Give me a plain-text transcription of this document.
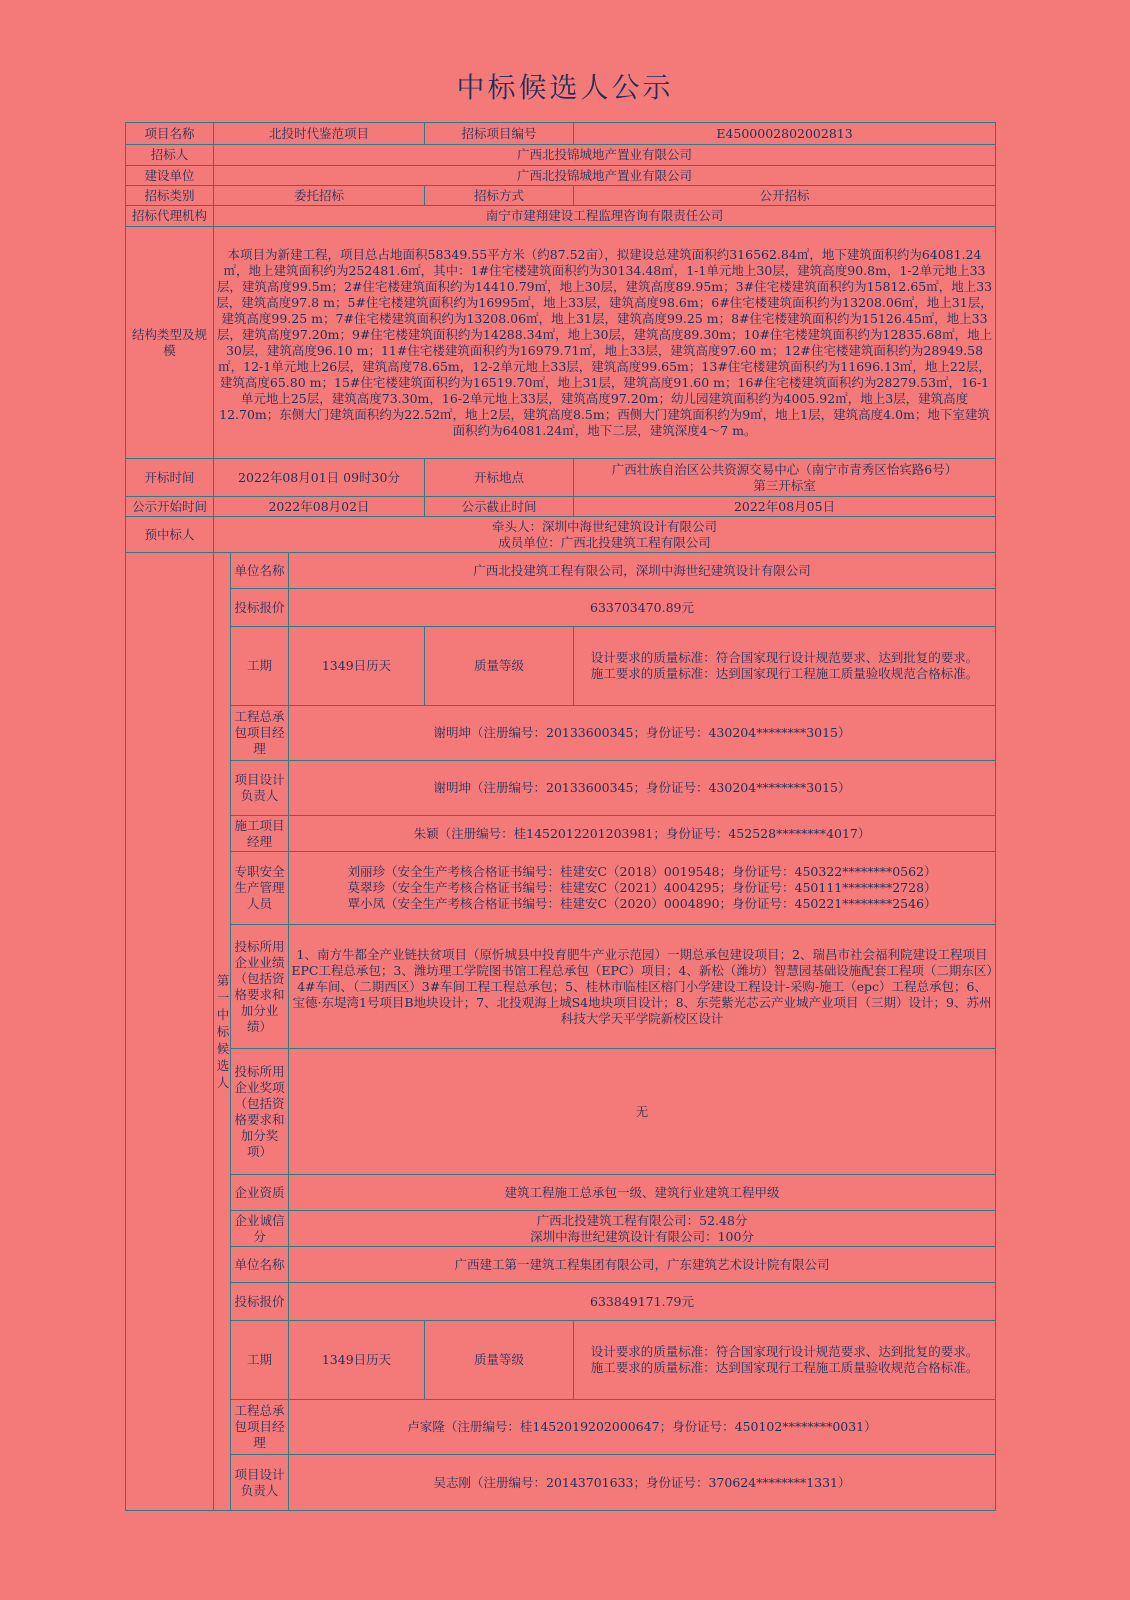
中标候选人公示
项目名称	北投时代鉴范项目			招标项目编号	E4500002802002813
招标人	广西北投锦城地产置业有限公司				
建设单位	广西北投锦城地产置业有限公司				
招标类别	委托招标			招标方式	公开招标
招标代理机构	南宁市建翔建设工程监理咨询有限责任公司				
结构类型及规模	本项目为新建工程，项目总占地面积58349.55平方米（约87.52亩），拟建设总建筑面积约316562.84㎡，地下建筑面积约为64081.24㎡，地上建筑面积约为252481.6㎡，其中：1#住宅楼建筑面积约为30134.48㎡，1-1单元地上30层，建筑高度90.8m，1-2单元地上33层，建筑高度99.5m；2#住宅楼建筑面积约为14410.79㎡，地上30层，建筑高度89.95m；3#住宅楼建筑面积约为15812.65㎡，地上33层，建筑高度97.8 m；5#住宅楼建筑面积约为16995㎡，地上33层，建筑高度98.6m；6#住宅楼建筑面积约为13208.06㎡，地上31层，建筑高度99.25 m；7#住宅楼建筑面积约为13208.06㎡，地上31层，建筑高度99.25 m；8#住宅楼建筑面积约为15126.45㎡，地上33层，建筑高度97.20m；9#住宅楼建筑面积约为14288.34㎡，地上30层，建筑高度89.30m；10#住宅楼建筑面积约为12835.68㎡，地上30层，建筑高度96.10 m；11#住宅楼建筑面积约为16979.71㎡，地上33层，建筑高度97.60 m；12#住宅楼建筑面积约为28949.58㎡，12-1单元地上26层，建筑高度78.65m，12-2单元地上33层，建筑高度99.65m；13#住宅楼建筑面积约为11696.13㎡，地上22层，建筑高度65.80 m；15#住宅楼建筑面积约为16519.70㎡，地上31层，建筑高度91.60 m；16#住宅楼建筑面积约为28279.53㎡，16-1单元地上25层，建筑高度73.30m，16-2单元地上33层，建筑高度97.20m；幼儿园建筑面积约为4005.92㎡，地上3层，建筑高度12.70m；东侧大门建筑面积约为22.52㎡，地上2层，建筑高度8.5m；西侧大门建筑面积约为9㎡，地上1层，建筑高度4.0m；地下室建筑面积约为64081.24㎡，地下二层，建筑深度4～7 m。				
开标时间	2022年08月01日 09时30分			开标地点	广西壮族自治区公共资源交易中心（南宁市青秀区怡宾路6号）
第三开标室

公示开始时间	2022年08月02日			公示截止时间	2022年08月05日
预中标人	牵头人：深圳中海世纪建筑设计有限公司
成员单位：广西北投建筑工程有限公司				

	第一中标候选人	单位名称	广西北投建筑工程有限公司，深圳中海世纪建筑设计有限公司		
		投标报价	633703470.89元		
		工期	1349日历天	质量等级	设计要求的质量标准：符合国家现行设计规范要求、达到批复的要求。
施工要求的质量标准：达到国家现行工程施工质量验收规范合格标准。

		工程总承包项目经理	谢明坤（注册编号：20133600345；身份证号：430204********3015）		
		项目设计负责人	谢明坤（注册编号：20133600345；身份证号：430204********3015）		
		施工项目经理	朱颖（注册编号：桂1452012201203981；身份证号：452528********4017）		
		专职安全生产管理人员	刘丽珍（安全生产考核合格证书编号：桂建安C（2018）0019548；身份证号：450322********0562）
莫翠珍（安全生产考核合格证书编号：桂建安C（2021）4004295；身份证号：450111********2728）
覃小凤（安全生产考核合格证书编号：桂建安C（2020）0004890；身份证号：450221********2546）		

		投标所用企业业绩（包括资格要求和加分业绩）	1、南方牛都全产业链扶贫项目（原忻城县中投育肥牛产业示范园）一期总承包建设项目；2、瑞昌市社会福利院建设工程项目EPC工程总承包；3、潍坊理工学院图书馆工程总承包（EPC）项目；4、新松（潍坊）智慧园基础设施配套工程项（二期东区）4#车间、（二期西区）3#车间工程工程总承包；5、桂林市临桂区榕门小学建设工程设计-采购-施工（epc）工程总承包；6、宝德·东堤湾1号项目B地块设计；7、北投观海上城S4地块项目设计；8、东莞紫光芯云产业城产业项目（三期）设计；9、苏州科技大学天平学院新校区设计		
		投标所用企业奖项（包括资格要求和加分奖项）	无		
		企业资质	建筑工程施工总承包一级、建筑行业建筑工程甲级		
		企业诚信分	广西北投建筑工程有限公司：52.48分
深圳中海世纪建筑设计有限公司：100分		

		单位名称	广西建工第一建筑工程集团有限公司，广东建筑艺术设计院有限公司		
		投标报价	633849171.79元		
		工期	1349日历天	质量等级	设计要求的质量标准：符合国家现行设计规范要求、达到批复的要求。
施工要求的质量标准：达到国家现行工程施工质量验收规范合格标准。

		工程总承包项目经理	卢家隆（注册编号：桂1452019202000647；身份证号：450102********0031）		
		项目设计负责人	吴志刚（注册编号：20143701633；身份证号：370624********1331）		
